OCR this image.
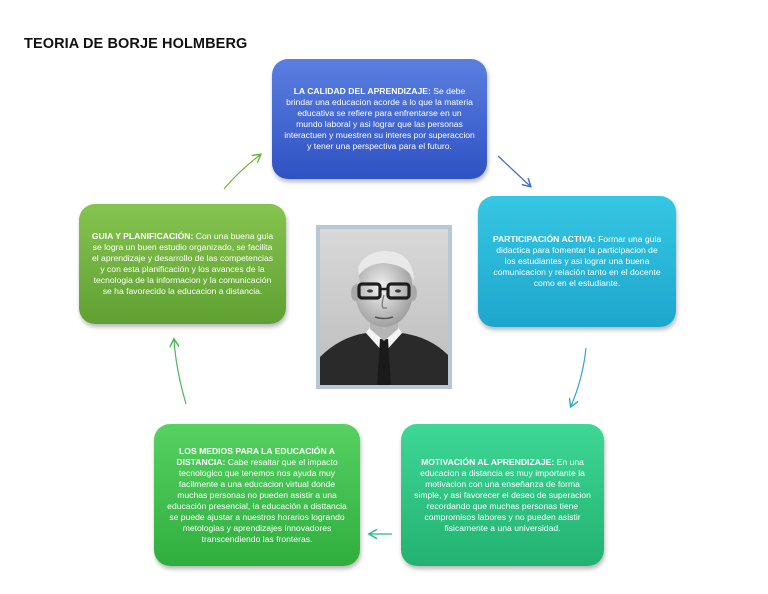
TEORIA DE BORJE HOLMBERG
LA CALIDAD DEL APRENDIZAJE: Se debe brindar una educacion acorde a lo que la materia educativa se refiere para enfrentarse en un mundo laboral y asi lograr que las personas interactuen y muestren su interes por superaccion y tener una perspectiva para el futuro.
PARTICIPACIÓN ACTIVA: Formar una guia didactica para fomentar la participacion de los estudiantes y asi lograr una buena comunicacion y relación tanto en el docente como en el estudiante.
MOTIVACIÓN AL APRENDIZAJE: En una educacion a distancia es muy importante la motivacion con una enseñanza de forma simple, y asi favorecer el deseo de superacion recordando que muchas personas tiene compromisos labores y no pueden asistir fisicamente a una universidad.
LOS MEDIOS PARA LA EDUCACIÓN A DISTANCIA: Cabe resaltar que el impacto tecnologico que tenemos nos ayuda muy facilmente a una educacion virtual donde muchas personas no pueden asistir a una educación presencial, la educación a disttancia se puede ajustar a nuestros horarios logrando metologias y aprendizajes innovadores transcendiendo las fronteras.
GUIA Y PLANIFICACIÓN: Con una buena guia se logra un buen estudio organizado, se facilita el aprendizaje y desarrollo de las competencias y con esta planificación y los avances de la tecnologia de la informacion y la comunicación se ha favorecido la educacion a distancia.
